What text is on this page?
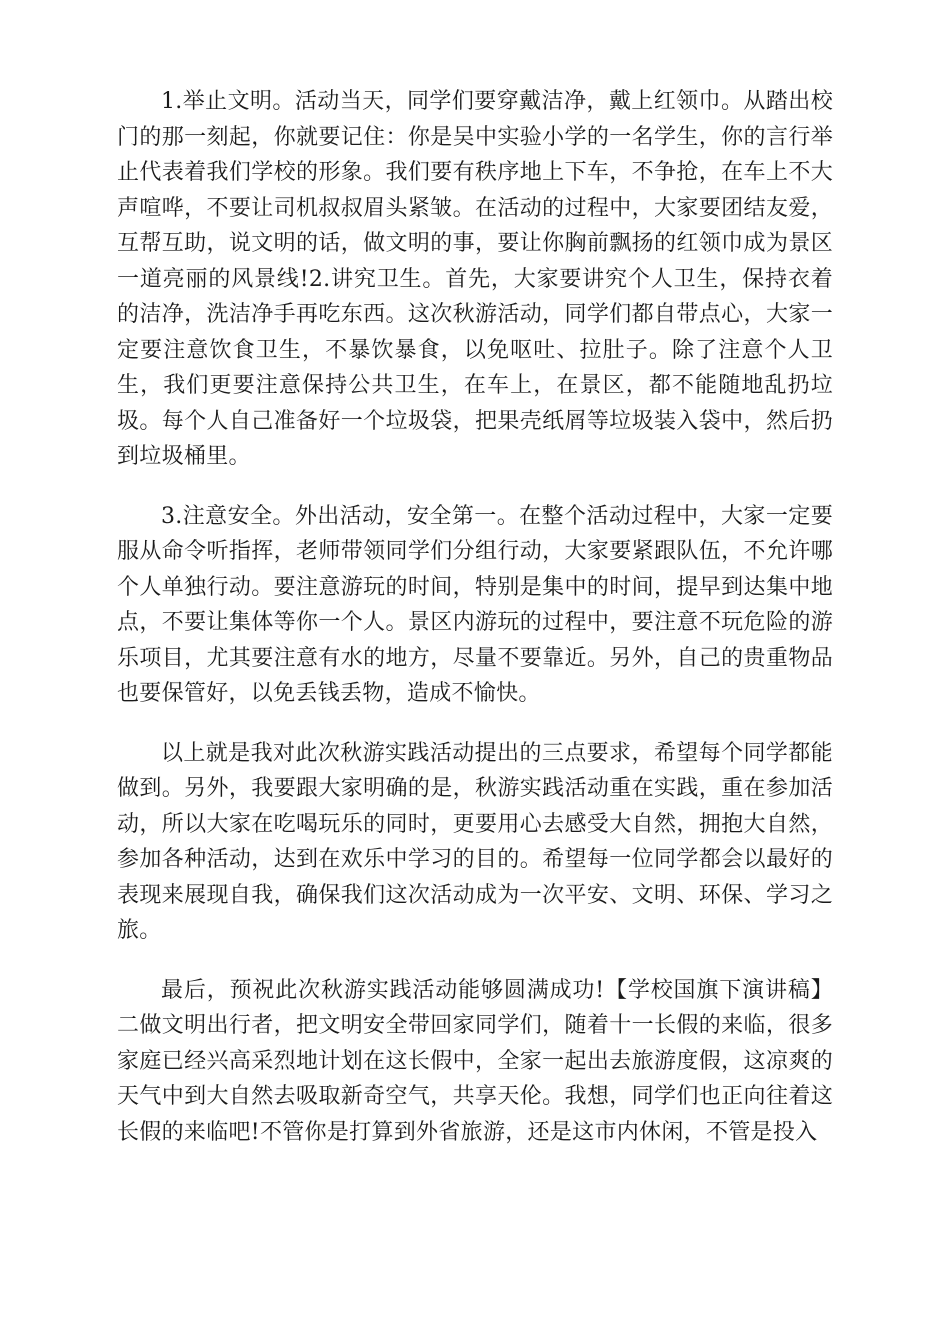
1.举止文明。活动当天，同学们要穿戴洁净，戴上红领巾。从踏出校门的那一刻起，你就要记住：你是吴中实验小学的一名学生，你的言行举止代表着我们学校的形象。我们要有秩序地上下车，不争抢，在车上不大声喧哗，不要让司机叔叔眉头紧皱。在活动的过程中，大家要团结友爱，互帮互助，说文明的话，做文明的事，要让你胸前飘扬的红领巾成为景区一道亮丽的风景线!2.讲究卫生。首先，大家要讲究个人卫生，保持衣着的洁净，洗洁净手再吃东西。这次秋游活动，同学们都自带点心，大家一定要注意饮食卫生，不暴饮暴食，以免呕吐、拉肚子。除了注意个人卫生，我们更要注意保持公共卫生，在车上，在景区，都不能随地乱扔垃圾。每个人自己准备好一个垃圾袋，把果壳纸屑等垃圾装入袋中，然后扔到垃圾桶里。

3.注意安全。外出活动，安全第一。在整个活动过程中，大家一定要服从命令听指挥，老师带领同学们分组行动，大家要紧跟队伍，不允许哪个人单独行动。要注意游玩的时间，特别是集中的时间，提早到达集中地点，不要让集体等你一个人。景区内游玩的过程中，要注意不玩危险的游乐项目，尤其要注意有水的地方，尽量不要靠近。另外，自己的贵重物品也要保管好，以免丢钱丢物，造成不愉快。

以上就是我对此次秋游实践活动提出的三点要求，希望每个同学都能做到。另外，我要跟大家明确的是，秋游实践活动重在实践，重在参加活动，所以大家在吃喝玩乐的同时，更要用心去感受大自然，拥抱大自然，参加各种活动，达到在欢乐中学习的目的。希望每一位同学都会以最好的表现来展现自我，确保我们这次活动成为一次平安、文明、环保、学习之旅。

最后，预祝此次秋游实践活动能够圆满成功!【学校国旗下演讲稿】二做文明出行者，把文明安全带回家同学们，随着十一长假的来临，很多家庭已经兴高采烈地计划在这长假中，全家一起出去旅游度假，这凉爽的天气中到大自然去吸取新奇空气，共享天伦。我想，同学们也正向往着这长假的来临吧!不管你是打算到外省旅游，还是这市内休闲，不管是投入
